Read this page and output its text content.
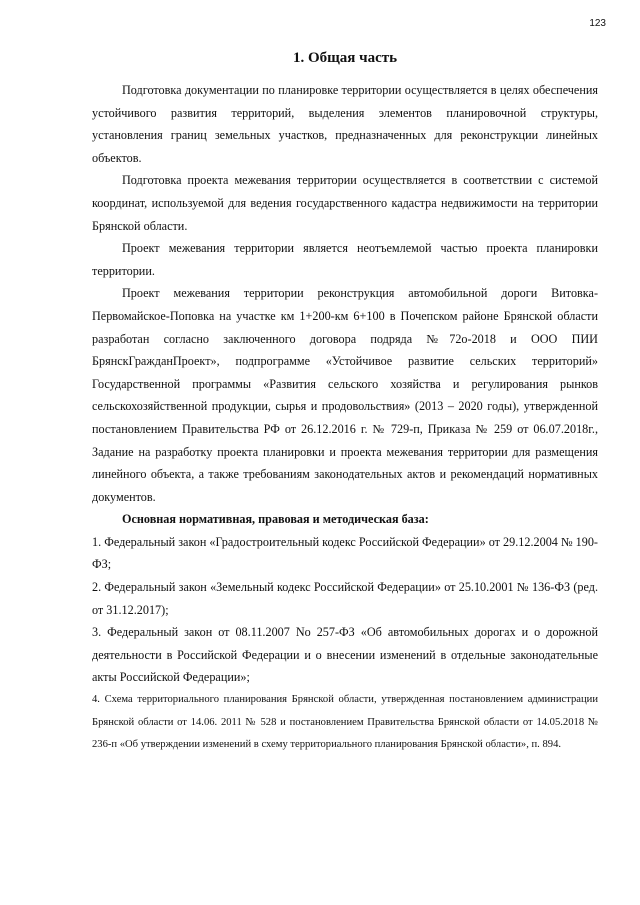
123
1. Общая часть

Подготовка документации по планировке территории осуществляется в целях обеспечения устойчивого развития территорий, выделения элементов планировочной структуры, установления границ земельных участков, предназначенных для реконструкции линейных объектов.

Подготовка проекта межевания территории осуществляется в соответствии с системой координат, используемой для ведения государственного кадастра недвижимости на территории Брянской области.

Проект межевания территории является неотъемлемой частью проекта планировки территории.

Проект межевания территории реконструкция автомобильной дороги Витовка-Первомайское-Поповка на участке км 1+200-км 6+100 в Почепском районе Брянской области разработан согласно заключенного договора подряда №72о-2018 и ООО ПИИ БрянскГражданПроект», подпрограмме «Устойчивое развитие сельских территорий» Государственной программы «Развития сельского хозяйства и регулирования рынков сельскохозяйственной продукции, сырья и продовольствия» (2013 – 2020 годы), утвержденной постановлением Правительства РФ от 26.12.2016 г. № 729-п, Приказа № 259 от 06.07.2018г., Задание на разработку проекта планировки и проекта межевания территории для размещения линейного объекта, а также требованиям законодательных актов и рекомендаций нормативных документов.

Основная нормативная, правовая и методическая база:
1. Федеральный закон «Градостроительный кодекс Российской Федерации» от 29.12.2004 № 190-ФЗ;
2. Федеральный закон «Земельный кодекс Российской Федерации» от 25.10.2001 № 136-ФЗ (ред. от 31.12.2017);
3. Федеральный закон от 08.11.2007 No 257-ФЗ «Об автомобильных дорогах и о дорожной деятельности в Российской Федерации и о внесении изменений в отдельные законодательные акты Российской Федерации»;
4. Схема территориального планирования Брянской области, утвержденная постановлением администрации Брянской области от 14.06. 2011 № 528 и постановлением Правительства Брянской области от 14.05.2018 № 236-п «Об утверждении изменений в схему территориального планирования Брянской области», п. 894.
